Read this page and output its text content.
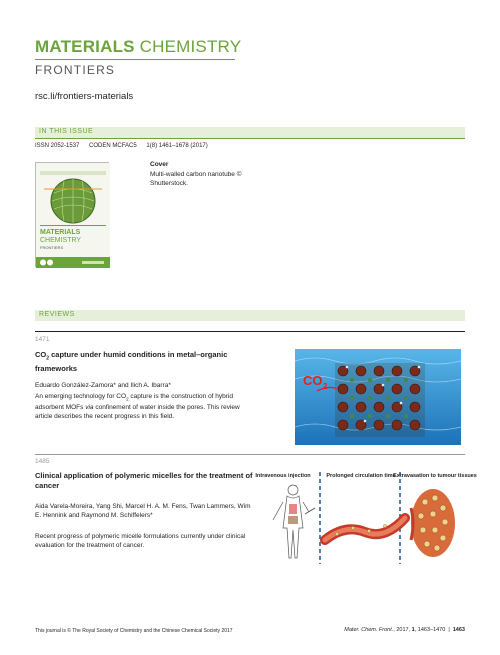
MATERIALS CHEMISTRY
FRONTIERS
rsc.li/frontiers-materials
IN THIS ISSUE
ISSN 2052-1537 CODEN MCFAC5 1(8) 1461–1678 (2017)
MATERIALS
CHEMISTRY
FRONTIERS
Cover
Multi-walled carbon nanotube © Shutterstock.
REVIEWS
1471
$CO_2$ capture under humid conditions in metal–organic frameworks
Eduardo González-Zamora* and Ilich A. Ibarra*
An emerging technology for $CO_2$ capture is the construction of hybrid adsorbent MOFs via confinement of water inside the pores. This review article describes the recent progress in this field.
CO 2
1485
Clinical application of polymeric micelles for the treatment of cancer
Aida Varela-Moreira, Yang Shi, Marcel H. A. M. Fens, Twan Lammers, Wim E. Hennink and Raymond M. Schiffelers*
Recent progress of polymeric micelle formulations currently under clinical evaluation for the treatment of cancer.
Intravenous injection	Prolonged circulation time
Extravasation to tumour tissues
This journal is © The Royal Society of Chemistry and the Chinese Chemical Society 2017	Mater. Chem. Front., 2017, 1, 1463–1470 | 1463
